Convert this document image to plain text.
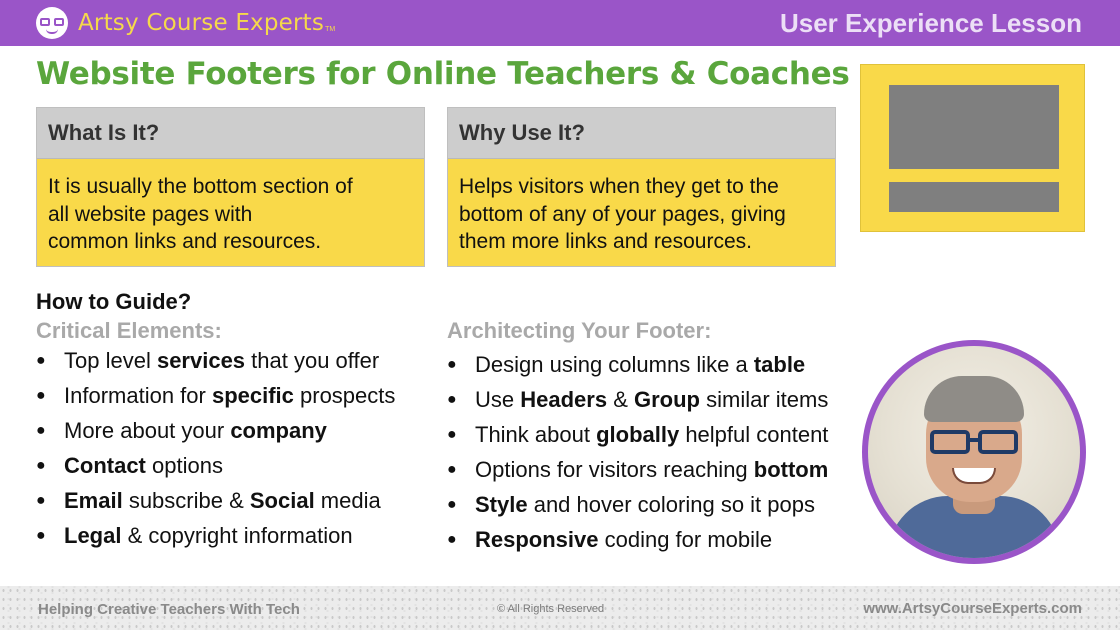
Artsy Course Experts TM	User Experience Lesson
Website Footers for Online Teachers & Coaches
What Is It?
It is usually the bottom section of
all website pages with
common links and resources.
Why Use It?
Helps visitors when they get to the
bottom of any of your pages, giving
them more links and resources.
How to Guide?
Critical Elements:	Architecting Your Footer:
● Top level services that you offer
● Information for specific prospects
● More about your company
● Contact options
● Email subscribe & Social media
● Legal & copyright information
● Design using columns like a table
● Use Headers & Group similar items
● Think about globally helpful content
● Options for visitors reaching bottom
● Style and hover coloring so it pops
● Responsive coding for mobile
Helping Creative Teachers With Tech	© All Rights Reserved	www.ArtsyCourseExperts.com
